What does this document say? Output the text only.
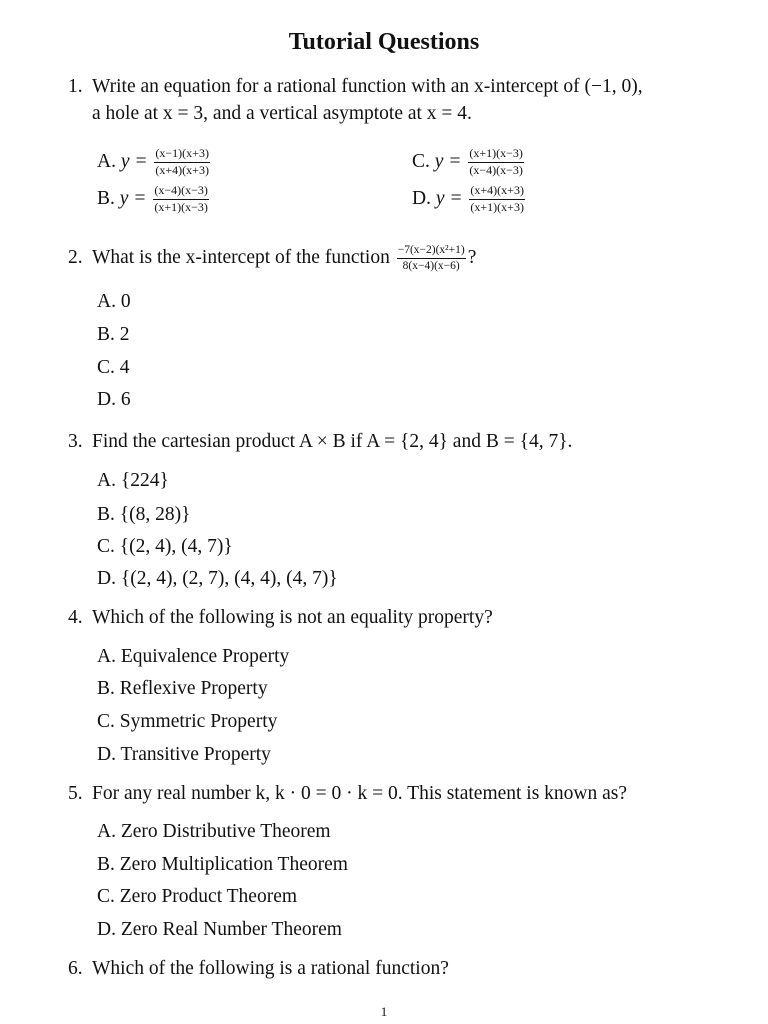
Tutorial Questions
1. Write an equation for a rational function with an x-intercept of (−1, 0),
a hole at x = 3, and a vertical asymptote at x = 4.
A. $y = \frac{(x-1)(x+3)}{(x+4)(x+3)}$	C. $y = \frac{(x+1)(x-3)}{(x-4)(x-3)}$
B. $y = \frac{(x-4)(x-3)}{(x+1)(x-3)}$	D. $y = \frac{(x+4)(x+3)}{(x+1)(x+3)}$
2. What is the x-intercept of the function $\frac{\text{−7(x−2)(x²+1)}}{8(x-4)(x-6)}$ ?
A. 0
B. 2
C. 4
D. 6
3. Find the cartesian product A × B if A = {2, 4} and B = {4, 7}.
A. {224}
B. {(8, 28)}
C. {(2, 4), (4, 7)}
D. {(2, 4), (2, 7), (4, 4), (4, 7)}
4. Which of the following is not an equality property?
A. Equivalence Property
B. Reflexive Property
C. Symmetric Property
D. Transitive Property
5. For any real number k, k · 0 = 0 · k = 0. This statement is known as?
A. Zero Distributive Theorem
B. Zero Multiplication Theorem
C. Zero Product Theorem
D. Zero Real Number Theorem
6. Which of the following is a rational function?
1
